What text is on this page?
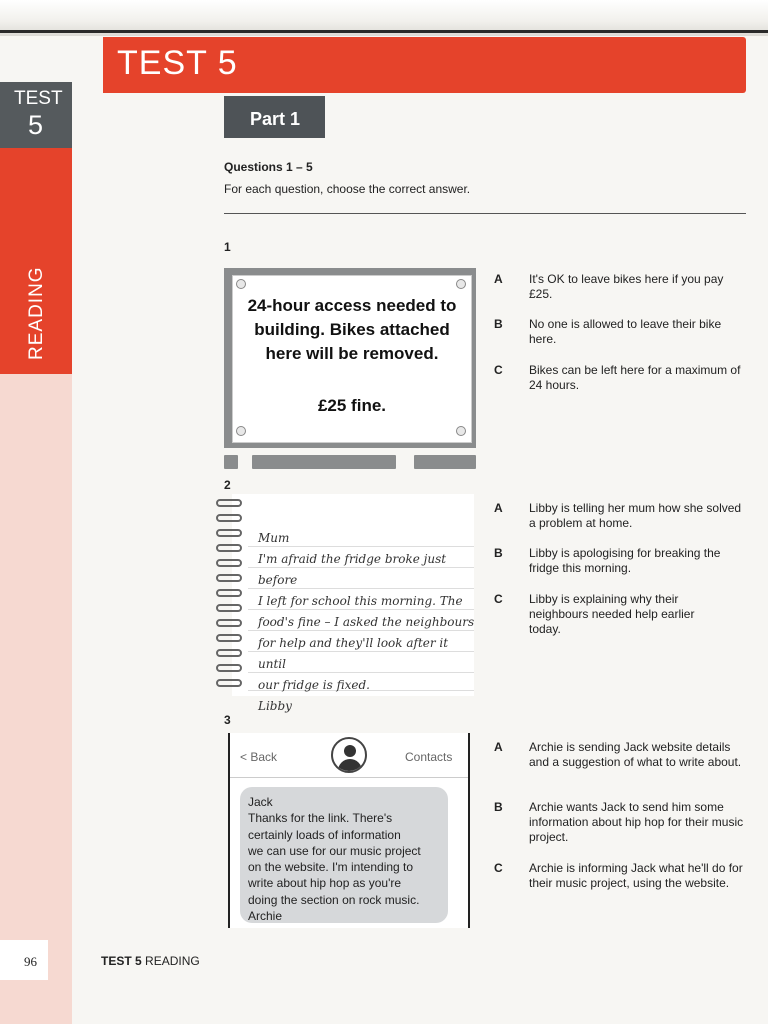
TEST
5
READING
TEST 5
Part 1
Questions 1 – 5
For each question, choose the correct answer.
1
24-hour access needed to building. Bikes attached here will be removed.
£25 fine.
A It's OK to leave bikes here if you pay £25.
B No one is allowed to leave their bike here.
C Bikes can be left here for a maximum of 24 hours.
2
Mum
I'm afraid the fridge broke just before
I left for school this morning. The
food's fine – I asked the neighbours
for help and they'll look after it until
our fridge is fixed.
Libby
A Libby is telling her mum how she solved a problem at home.
B Libby is apologising for breaking the fridge this morning.
C Libby is explaining why their neighbours needed help earlier today.
3
< Back	Contacts
Jack
Thanks for the link. There's
certainly loads of information
we can use for our music project
on the website. I'm intending to
write about hip hop as you're
doing the section on rock music.
Archie
A Archie is sending Jack website details and a suggestion of what to write about.
B Archie wants Jack to send him some information about hip hop for their music project.
C Archie is informing Jack what he'll do for their music project, using the website.
96	TEST 5 READING
